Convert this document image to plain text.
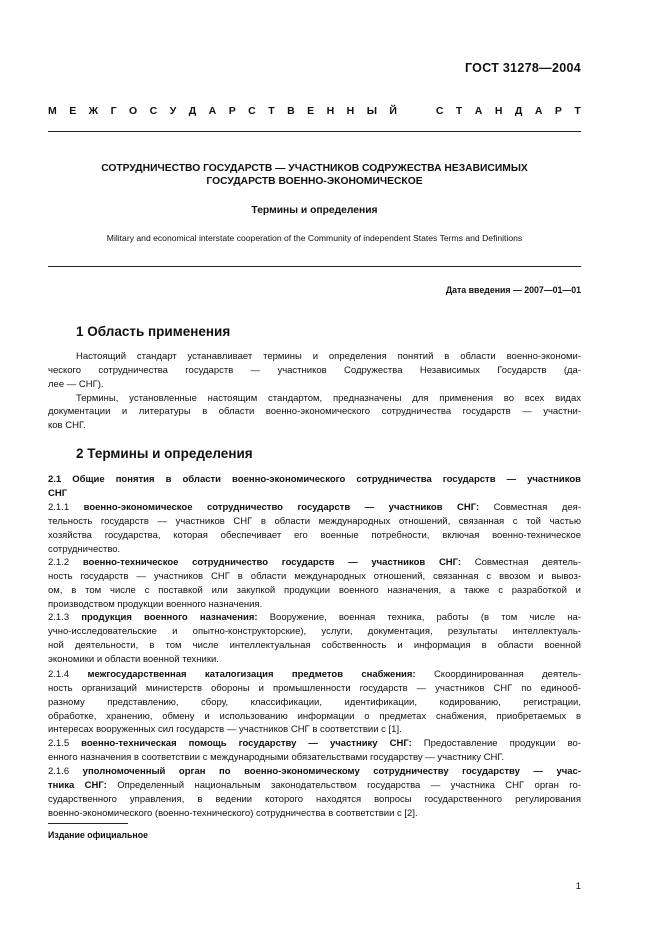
ГОСТ 31278—2004
М Е Ж Г О С У Д А Р С Т В Е Н Н Ы Й	С Т А Н Д А Р Т
СОТРУДНИЧЕСТВО ГОСУДАРСТВ — УЧАСТНИКОВ СОДРУЖЕСТВА НЕЗАВИСИМЫХ
ГОСУДАРСТВ ВОЕННО-ЭКОНОМИЧЕСКОЕ
Термины и определения
Military and economical interstate cooperation of the Community of independent States Terms and Definitions
Дата введения — 2007—01—01
1 Область применения
Настоящий стандарт устанавливает термины и определения понятий в области военно-экономи-
ческого сотрудничества государств — участников Содружества Независимых Государств (да-
лее — СНГ).
Термины, установленные настоящим стандартом, предназначены для применения во всех видах
документации и литературы в области военно-экономического сотрудничества государств — участни-
ков СНГ.
2 Термины и определения
2.1 Общие понятия в области военно-экономического сотрудничества государств — участников
СНГ
2.1.1 военно-экономическое сотрудничество государств — участников СНГ: Совместная дея-
тельность государств — участников СНГ в области международных отношений, связанная с той частью
хозяйства государства, которая обеспечивает его военные потребности, включая военно-техническое
сотрудничество.
2.1.2 военно-техническое сотрудничество государств — участников СНГ: Совместная деятель-
ность государств — участников СНГ в области международных отношений, связанная с ввозом и вывоз-
ом, в том числе с поставкой или закупкой продукции военного назначения, а также с разработкой и
производством продукции военного назначения.
2.1.3 продукция военного назначения: Вооружение, военная техника, работы (в том числе на-
учно-исследовательские и опытно-конструкторские), услуги, документация, результаты интеллектуаль-
ной деятельности, в том числе интеллектуальная собственность и информация в области военной
экономики и области военной техники.
2.1.4 межгосударственная каталогизация предметов снабжения: Скоординированная деятель-
ность организаций министерств обороны и промышленности государств — участников СНГ по единооб-
разному представлению, сбору, классификации, идентификации, кодированию, регистрации,
обработке, хранению, обмену и использованию информации о предметах снабжения, приобретаемых в
интересах вооруженных сил государств — участников СНГ в соответствии с [1].
2.1.5 военно-техническая помощь государству — участнику СНГ: Предоставление продукции во-
енного назначения в соответствии с международными обязательствами государству — участнику СНГ.
2.1.6 уполномоченный орган по военно-экономическому сотрудничеству государству — учас-
тника СНГ: Определенный национальным законодательством государства — участника СНГ орган го-
сударственного управления, в ведении которого находятся вопросы государственного регулирования
военно-экономического (военно-технического) сотрудничества в соответствии с [2].
Издание официальное
1
